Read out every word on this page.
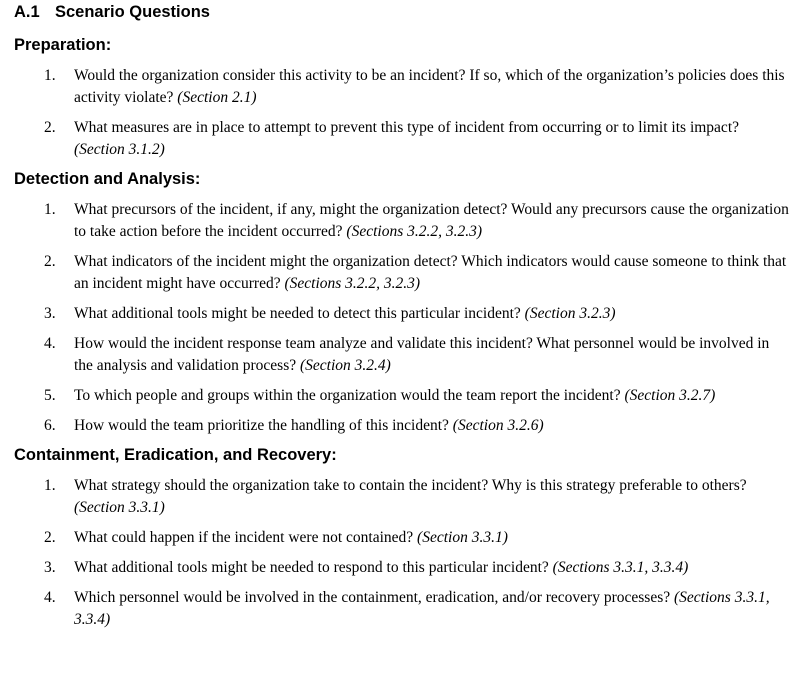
A.1 Scenario Questions
Preparation:
1.	Would the organization consider this activity to be an incident? If so, which of the organization’s policies does this activity violate? (Section 2.1)
2.	What measures are in place to attempt to prevent this type of incident from occurring or to limit its impact? (Section 3.1.2)
Detection and Analysis:
1.	What precursors of the incident, if any, might the organization detect? Would any precursors cause the organization to take action before the incident occurred? (Sections 3.2.2, 3.2.3)
2.	What indicators of the incident might the organization detect? Which indicators would cause someone to think that an incident might have occurred? (Sections 3.2.2, 3.2.3)
3.	What additional tools might be needed to detect this particular incident? (Section 3.2.3)
4.	How would the incident response team analyze and validate this incident? What personnel would be involved in the analysis and validation process? (Section 3.2.4)
5.	To which people and groups within the organization would the team report the incident? (Section 3.2.7)
6.	How would the team prioritize the handling of this incident? (Section 3.2.6)
Containment, Eradication, and Recovery:
1.	What strategy should the organization take to contain the incident? Why is this strategy preferable to others? (Section 3.3.1)
2.	What could happen if the incident were not contained? (Section 3.3.1)
3.	What additional tools might be needed to respond to this particular incident? (Sections 3.3.1, 3.3.4)
4.	Which personnel would be involved in the containment, eradication, and/or recovery processes? (Sections 3.3.1, 3.3.4)
